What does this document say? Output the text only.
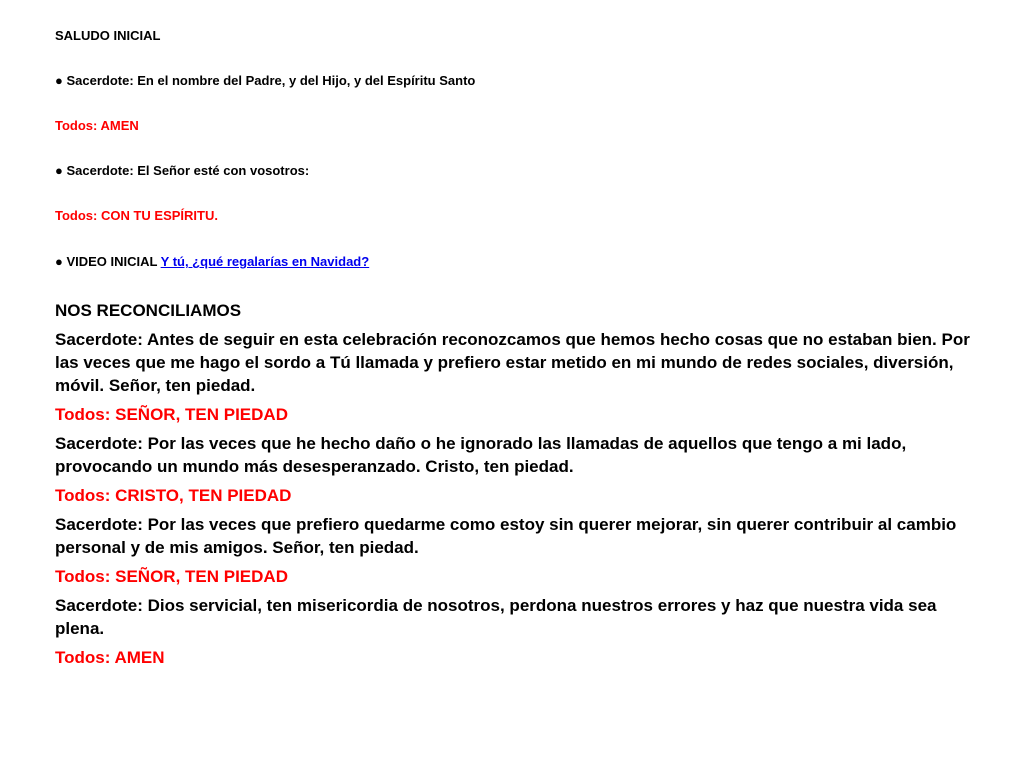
SALUDO INICIAL
● Sacerdote: En el nombre del Padre, y del Hijo, y del Espíritu Santo
Todos: AMEN
● Sacerdote: El Señor esté con vosotros:
Todos: CON TU ESPÍRITU.
● VIDEO INICIAL Y tú, ¿qué regalarías en Navidad?

NOS RECONCILIAMOS

Sacerdote: Antes de seguir en esta celebración reconozcamos que hemos hecho cosas que no estaban bien. Por las veces que me hago el sordo a Tú llamada y prefiero estar metido en mi mundo de redes sociales, diversión, móvil. Señor, ten piedad.

Todos: SEÑOR, TEN PIEDAD

Sacerdote: Por las veces que he hecho daño o he ignorado las llamadas de aquellos que tengo a mi lado, provocando un mundo más desesperanzado. Cristo, ten piedad.

Todos: CRISTO, TEN PIEDAD

Sacerdote: Por las veces que prefiero quedarme como estoy sin querer mejorar, sin querer contribuir al cambio personal y de mis amigos. Señor, ten piedad.

Todos: SEÑOR, TEN PIEDAD

Sacerdote: Dios servicial, ten misericordia de nosotros, perdona nuestros errores y haz que nuestra vida sea plena.

Todos: AMEN
